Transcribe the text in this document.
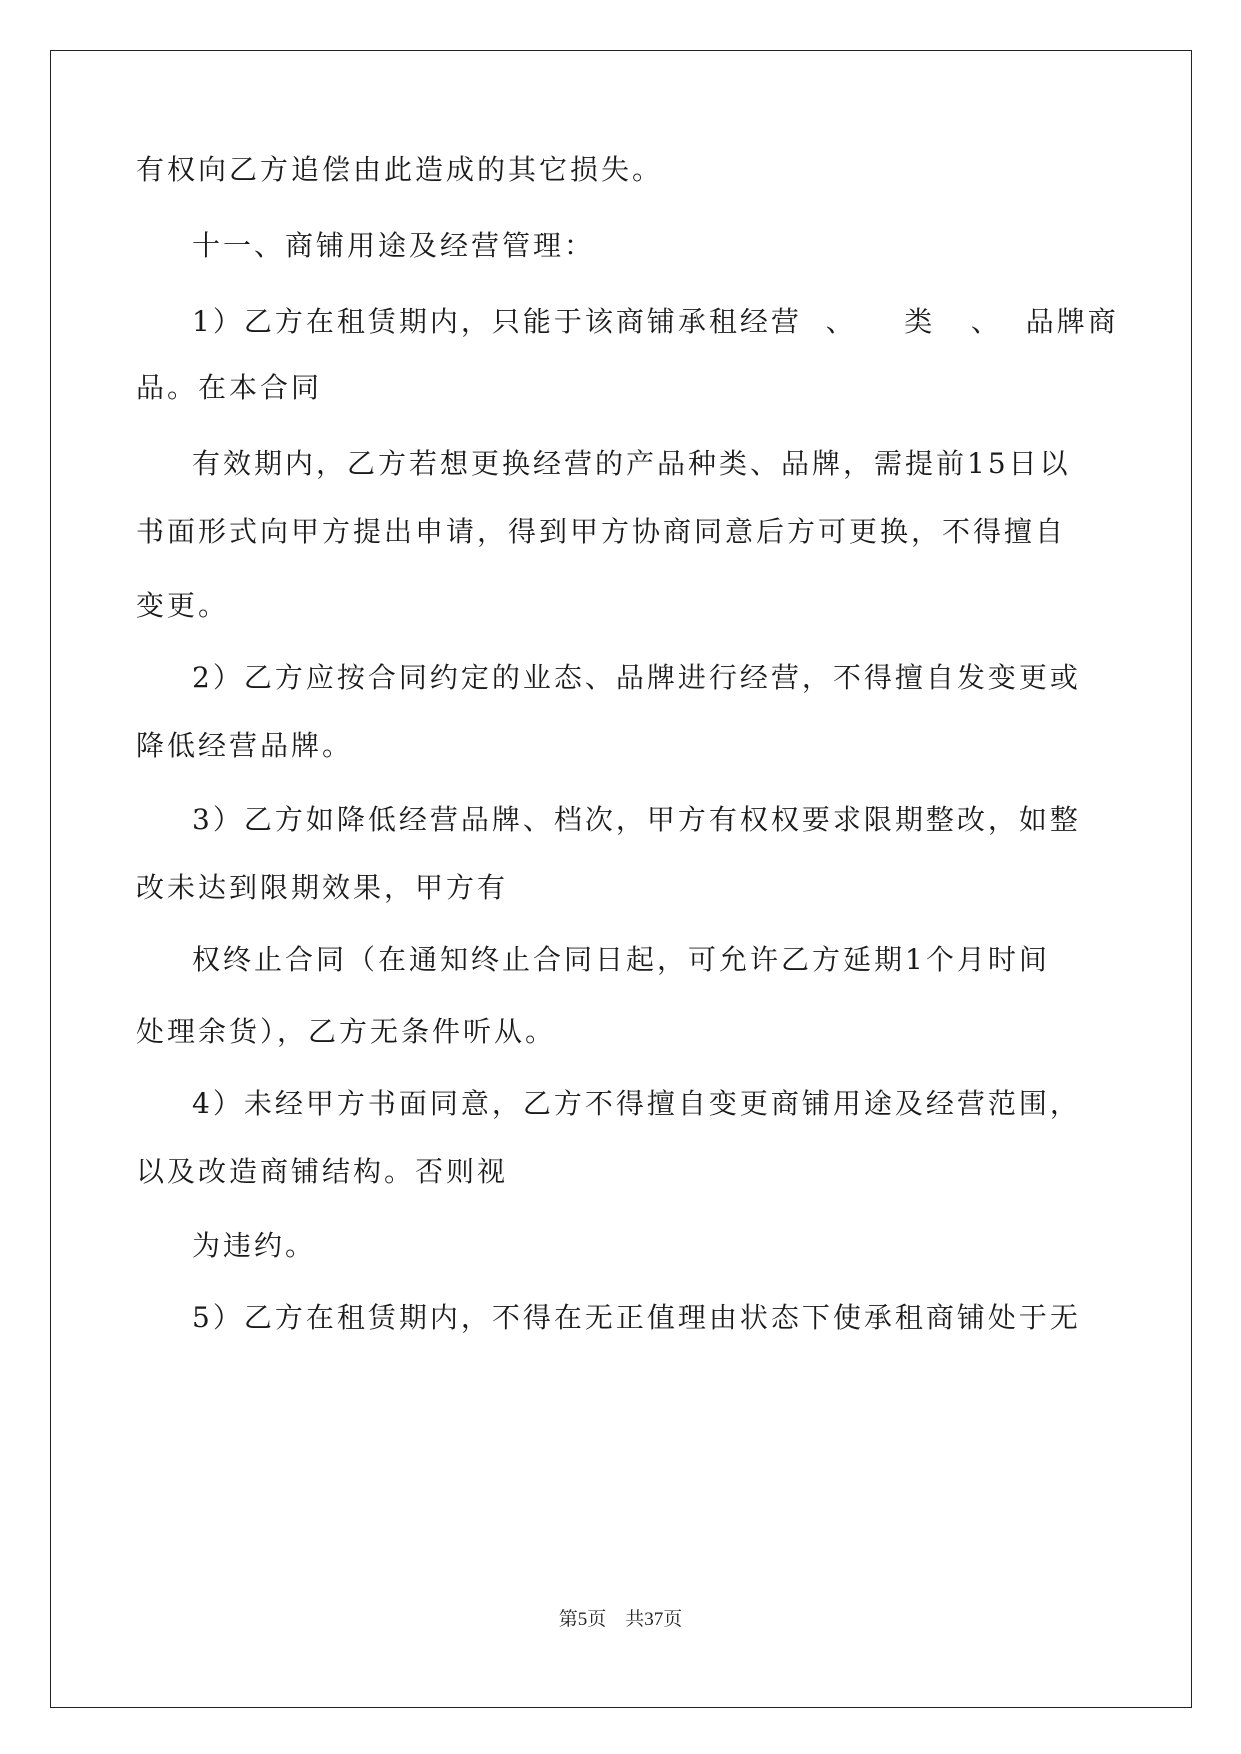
有权向乙方追偿由此造成的其它损失。
十一、商铺用途及经营管理：
1）乙方在租赁期内，只能于该商铺承租经营  、    类   、  品牌商
品。在本合同
有效期内，乙方若想更换经营的产品种类、品牌，需提前15日以
书面形式向甲方提出申请，得到甲方协商同意后方可更换，不得擅自
变更。
2）乙方应按合同约定的业态、品牌进行经营，不得擅自发变更或
降低经营品牌。
3）乙方如降低经营品牌、档次，甲方有权权要求限期整改，如整
改未达到限期效果，甲方有
权终止合同（在通知终止合同日起，可允许乙方延期1个月时间
处理余货），乙方无条件听从。
4）未经甲方书面同意，乙方不得擅自变更商铺用途及经营范围，
以及改造商铺结构。否则视
为违约。
5）乙方在租赁期内，不得在无正值理由状态下使承租商铺处于无
第5页    共37页
